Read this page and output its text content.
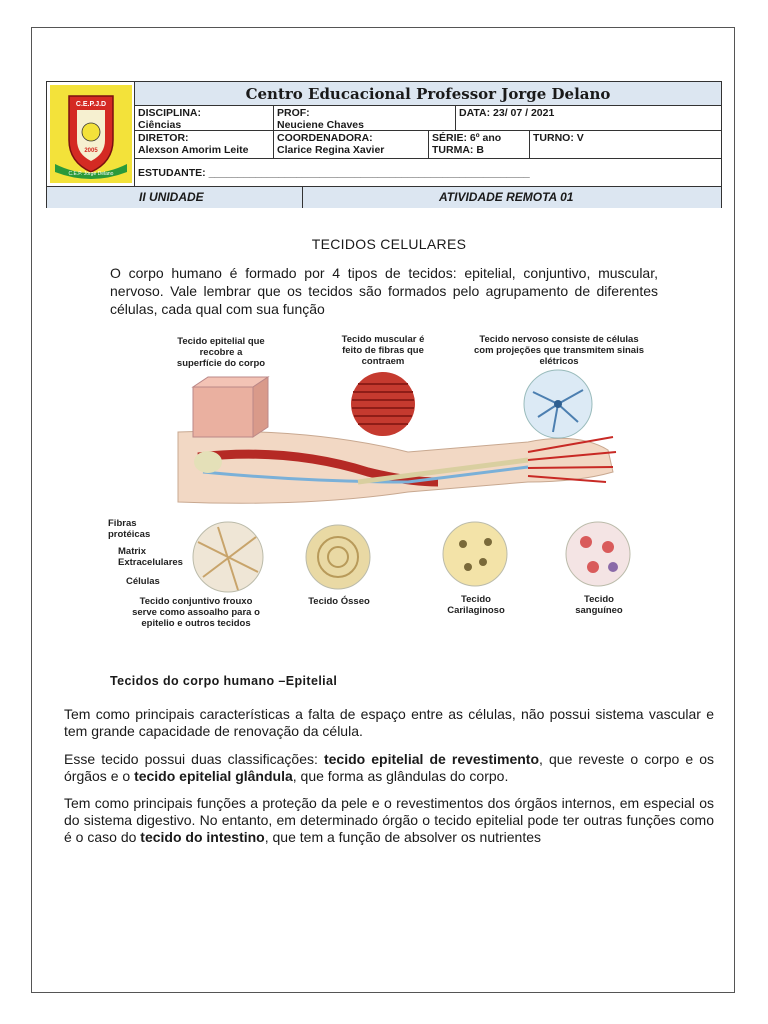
C.E.P.J.D
2005
C.E.P. Jorge Delano
Centro Educacional Professor Jorge Delano
DISCIPLINA:
Ciências
PROF:
Neuciene Chaves
DATA: 23/ 07 / 2021
DIRETOR:
Alexson Amorim Leite
COORDENADORA:
Clarice Regina Xavier
SÉRIE: 6º ano
TURMA: B
TURNO: V
ESTUDANTE: _______________________________________________________
II UNIDADE	ATIVIDADE REMOTA 01
TECIDOS CELULARES
O corpo humano é formado por 4 tipos de tecidos: epitelial, conjuntivo, muscular, nervoso. Vale lembrar que os tecidos são formados pelo agrupamento de diferentes células, cada qual com sua função
Tecido epitelial que recobre a superfície do corpo
Tecido muscular é feito de fibras que contraem
Tecido nervoso consiste de células com projeções que transmitem sinais elétricos
Fibras protéicas
Matrix Extracelulares
Células
Tecido conjuntivo frouxo serve como assoalho para o epitelio e outros tecidos
Tecido Ósseo	Tecido Carilaginoso
Tecido sanguíneo
Tecidos do corpo humano –Epitelial
Tem como principais características a falta de espaço entre as células, não possui sistema vascular e tem grande capacidade de renovação da célula.
Esse tecido possui duas classificações: tecido epitelial de revestimento, que reveste o corpo e os órgãos e o tecido epitelial glândula, que forma as glândulas do corpo.
Tem como principais funções a proteção da pele e o revestimentos dos órgãos internos, em especial os do sistema digestivo. No entanto, em determinado órgão o tecido epitelial pode ter outras funções como é o caso do tecido do intestino, que tem a função de absolver os nutrientes
